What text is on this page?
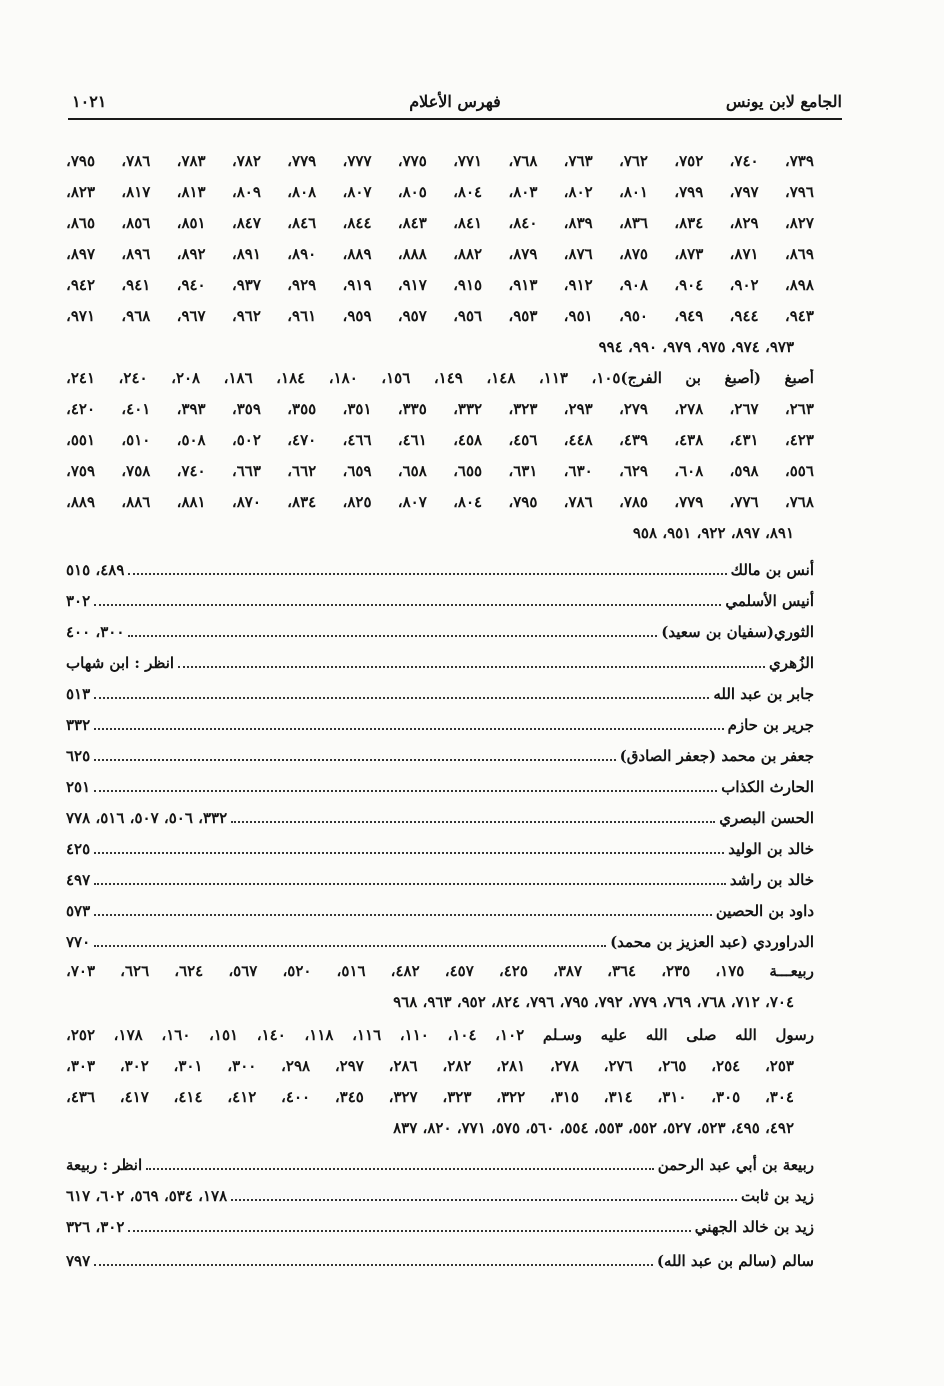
الجامع لابن يونس
فهرس الأعلام
١٠٢١
٧٣٩، ٧٤٠، ٧٥٢، ٧٦٢، ٧٦٣، ٧٦٨، ٧٧١، ٧٧٥، ٧٧٧، ٧٧٩، ٧٨٢، ٧٨٣، ٧٨٦، ٧٩٥،
٧٩٦، ٧٩٧، ٧٩٩، ٨٠١، ٨٠٢، ٨٠٣، ٨٠٤، ٨٠٥، ٨٠٧، ٨٠٨، ٨٠٩، ٨١٣، ٨١٧، ٨٢٣،
٨٢٧، ٨٢٩، ٨٣٤، ٨٣٦، ٨٣٩، ٨٤٠، ٨٤١، ٨٤٣، ٨٤٤، ٨٤٦، ٨٤٧، ٨٥١، ٨٥٦، ٨٦٥،
٨٦٩، ٨٧١، ٨٧٣، ٨٧٥، ٨٧٦، ٨٧٩، ٨٨٢، ٨٨٨، ٨٨٩، ٨٩٠، ٨٩١، ٨٩٢، ٨٩٦، ٨٩٧،
٨٩٨، ٩٠٢، ٩٠٤، ٩٠٨، ٩١٢، ٩١٣، ٩١٥، ٩١٧، ٩١٩، ٩٢٩، ٩٣٧، ٩٤٠، ٩٤١، ٩٤٢،
٩٤٣، ٩٤٤، ٩٤٩، ٩٥٠، ٩٥١، ٩٥٣، ٩٥٦، ٩٥٧، ٩٥٩، ٩٦١، ٩٦٢، ٩٦٧، ٩٦٨، ٩٧١،
٩٧٣، ٩٧٤، ٩٧٥، ٩٧٩، ٩٩٠، ٩٩٤
أصبغ (أصبغ بن الفرج)١٠٥، ١١٣، ١٤٨، ١٤٩، ١٥٦، ١٨٠، ١٨٤، ١٨٦، ٢٠٨، ٢٤٠، ٢٤١،
٢٦٣، ٢٦٧، ٢٧٨، ٢٧٩، ٢٩٣، ٣٢٣، ٣٣٢، ٣٣٥، ٣٥١، ٣٥٥، ٣٥٩، ٣٩٣، ٤٠١، ٤٢٠،
٤٢٣، ٤٣١، ٤٣٨، ٤٣٩، ٤٤٨، ٤٥٦، ٤٥٨، ٤٦١، ٤٦٦، ٤٧٠، ٥٠٢، ٥٠٨، ٥١٠، ٥٥١،
٥٥٦، ٥٩٨، ٦٠٨، ٦٢٩، ٦٣٠، ٦٣١، ٦٥٥، ٦٥٨، ٦٥٩، ٦٦٢، ٦٦٣، ٧٤٠، ٧٥٨، ٧٥٩،
٧٦٨، ٧٧٦، ٧٧٩، ٧٨٥، ٧٨٦، ٧٩٥، ٨٠٤، ٨٠٧، ٨٢٥، ٨٣٤، ٨٧٠، ٨٨١، ٨٨٦، ٨٨٩،
٨٩١، ٨٩٧، ٩٢٢، ٩٥١، ٩٥٨
أنس بن مالك
٤٨٩، ٥١٥
أنيس الأسلمي
٣٠٢
الثوري(سفيان بن سعيد)
٣٠٠، ٤٠٠
الزُهري
انظر : ابن شهاب
جابر بن عبد الله
٥١٣
جرير بن حازم
٣٣٢
جعفر بن محمد (جعفر الصادق)
٦٢٥
الحارث الكذاب
٢٥١
الحسن البصري
٣٣٢، ٥٠٦، ٥٠٧، ٥١٦، ٧٧٨
خالد بن الوليد
٤٢٥
خالد بن راشد
٤٩٧
داود بن الحصين
٥٧٣
الدراوردي (عبد العزيز بن محمد)
٧٧٠
ربيعـــة ١٧٥، ٢٣٥، ٣٦٤، ٣٨٧، ٤٢٥، ٤٥٧، ٤٨٢، ٥١٦، ٥٢٠، ٥٦٧، ٦٢٤، ٦٢٦، ٧٠٣،
٧٠٤، ٧١٢، ٧٦٨، ٧٦٩، ٧٧٩، ٧٩٢، ٧٩٥، ٧٩٦، ٨٢٤، ٩٥٢، ٩٦٣، ٩٦٨
رسول الله صلى الله عليه وسـلم ١٠٢، ١٠٤، ١١٠، ١١٦، ١١٨، ١٤٠، ١٥١، ١٦٠، ١٧٨، ٢٥٢،
٢٥٣، ٢٥٤، ٢٦٥، ٢٧٦، ٢٧٨، ٢٨١، ٢٨٢، ٢٨٦، ٢٩٧، ٢٩٨، ٣٠٠، ٣٠١، ٣٠٢، ٣٠٣،
٣٠٤، ٣٠٥، ٣١٠، ٣١٤، ٣١٥، ٣٢٢، ٣٢٣، ٣٢٧، ٣٤٥، ٤٠٠، ٤١٢، ٤١٤، ٤١٧، ٤٣٦،
٤٩٢، ٤٩٥، ٥٢٣، ٥٢٧، ٥٥٢، ٥٥٣، ٥٥٤، ٥٦٠، ٥٧٥، ٧٧١، ٨٢٠، ٨٣٧
ربيعة بن أبي عبد الرحمن
انظر : ربيعة
زيد بن ثابت
١٧٨، ٥٣٤، ٥٦٩، ٦٠٢، ٦١٧
زيد بن خالد الجهني
٣٠٢، ٣٢٦
سالم (سالم بن عبد الله)
٧٩٧
